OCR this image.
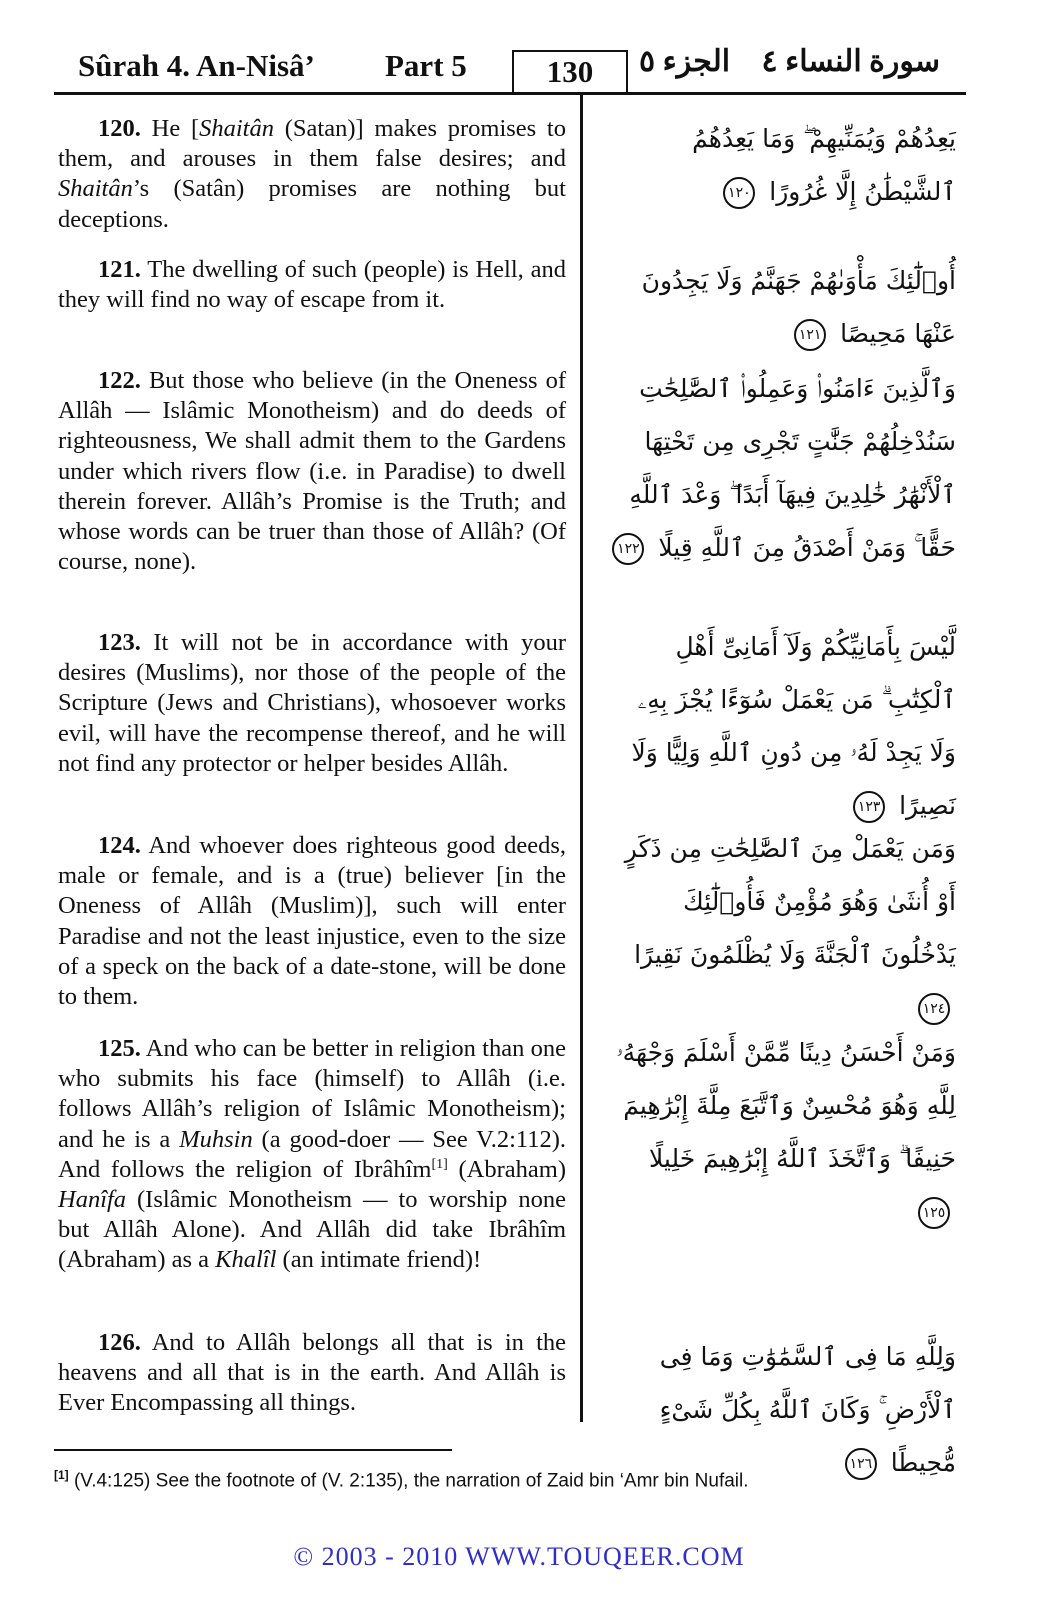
Sûrah 4. An-Nisâ’ Part 5	130	الجزء ٥ سورة النساء ٤

120. He [Shaitân (Satan)] makes promises to them, and arouses in them false desires; and Shaitân’s (Satân) promises are nothing but deceptions.

121. The dwelling of such (people) is Hell, and they will find no way of escape from it.

122. But those who believe (in the Oneness of Allâh — Islâmic Monotheism) and do deeds of righteousness, We shall admit them to the Gardens under which rivers flow (i.e. in Paradise) to dwell therein forever. Allâh’s Promise is the Truth; and whose words can be truer than those of Allâh? (Of course, none).

123. It will not be in accordance with your desires (Muslims), nor those of the people of the Scripture (Jews and Christians), whosoever works evil, will have the recompense thereof, and he will not find any protector or helper besides Allâh.

124. And whoever does righteous good deeds, male or female, and is a (true) believer [in the Oneness of Allâh (Muslim)], such will enter Paradise and not the least injustice, even to the size of a speck on the back of a date-stone, will be done to them.

125. And who can be better in religion than one who submits his face (himself) to Allâh (i.e. follows Allâh’s religion of Islâmic Monotheism); and he is a Muhsin (a good-doer — See V.2:112). And follows the religion of Ibrâhîm[1] (Abraham) Hanîfa (Islâmic Monotheism — to worship none but Allâh Alone). And Allâh did take Ibrâhîm (Abraham) as a Khalîl (an intimate friend)!

126. And to Allâh belongs all that is in the heavens and all that is in the earth. And Allâh is Ever Encompassing all things.

يَعِدُهُمْ وَيُمَنِّيهِمْ ۖ وَمَا يَعِدُهُمُ ٱلشَّيْطَٰنُ إِلَّا غُرُورًا ١٢٠

أُو۟لَٰٓئِكَ مَأْوَىٰهُمْ جَهَنَّمُ وَلَا يَجِدُونَ عَنْهَا مَحِيصًا ١٢١

وَٱلَّذِينَ ءَامَنُوا۟ وَعَمِلُوا۟ ٱلصَّٰلِحَٰتِ سَنُدْخِلُهُمْ جَنَّٰتٍ تَجْرِى مِن تَحْتِهَا ٱلْأَنْهَٰرُ خَٰلِدِينَ فِيهَآ أَبَدًا ۖ وَعْدَ ٱللَّهِ حَقًّا ۚ وَمَنْ أَصْدَقُ مِنَ ٱللَّهِ قِيلًا ١٢٢

لَّيْسَ بِأَمَانِيِّكُمْ وَلَآ أَمَانِىِّ أَهْلِ ٱلْكِتَٰبِ ۗ مَن يَعْمَلْ سُوٓءًا يُجْزَ بِهِۦ وَلَا يَجِدْ لَهُۥ مِن دُونِ ٱللَّهِ وَلِيًّا وَلَا نَصِيرًا ١٢٣

وَمَن يَعْمَلْ مِنَ ٱلصَّٰلِحَٰتِ مِن ذَكَرٍ أَوْ أُنثَىٰ وَهُوَ مُؤْمِنٌ فَأُو۟لَٰٓئِكَ يَدْخُلُونَ ٱلْجَنَّةَ وَلَا يُظْلَمُونَ نَقِيرًا ١٢٤

وَمَنْ أَحْسَنُ دِينًا مِّمَّنْ أَسْلَمَ وَجْهَهُۥ لِلَّهِ وَهُوَ مُحْسِنٌ وَٱتَّبَعَ مِلَّةَ إِبْرَٰهِيمَ حَنِيفًا ۗ وَٱتَّخَذَ ٱللَّهُ إِبْرَٰهِيمَ خَلِيلًا ١٢٥

وَلِلَّهِ مَا فِى ٱلسَّمَٰوَٰتِ وَمَا فِى ٱلْأَرْضِ ۚ وَكَانَ ٱللَّهُ بِكُلِّ شَىْءٍ مُّحِيطًا ١٢٦

[1] (V.4:125) See the footnote of (V. 2:135), the narration of Zaid bin ‘Amr bin Nufail.

© 2003 - 2010 WWW.TOUQEER.COM
